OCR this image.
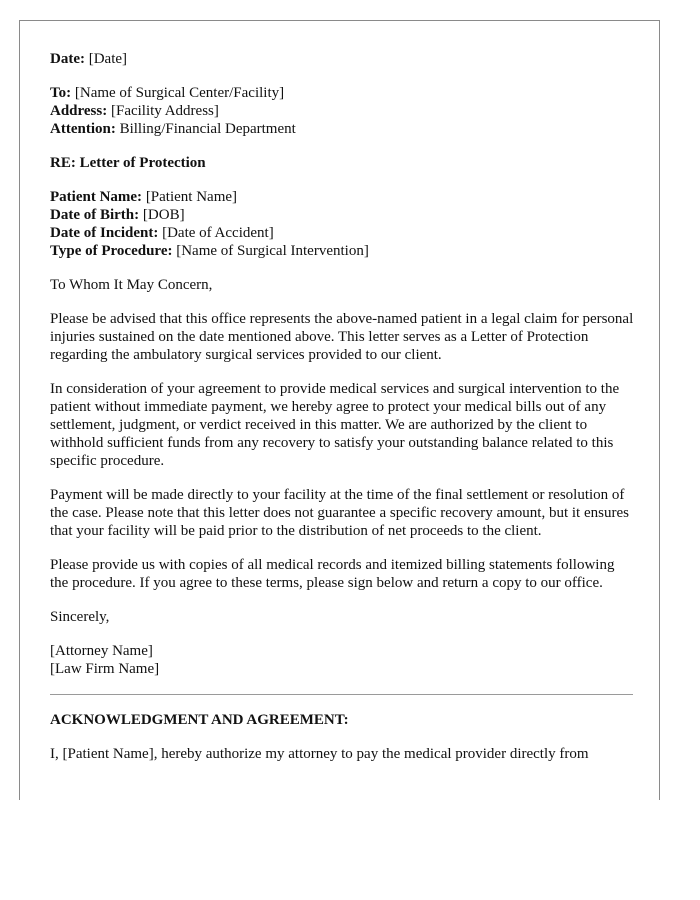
Date: [Date]
To: [Name of Surgical Center/Facility]
Address: [Facility Address]
Attention: Billing/Financial Department
RE: Letter of Protection
Patient Name: [Patient Name]
Date of Birth: [DOB]
Date of Incident: [Date of Accident]
Type of Procedure: [Name of Surgical Intervention]

To Whom It May Concern,

Please be advised that this office represents the above-named patient in a legal claim for personal injuries sustained on the date mentioned above. This letter serves as a Letter of Protection regarding the ambulatory surgical services provided to our client.

In consideration of your agreement to provide medical services and surgical intervention to the patient without immediate payment, we hereby agree to protect your medical bills out of any settlement, judgment, or verdict received in this matter. We are authorized by the client to withhold sufficient funds from any recovery to satisfy your outstanding balance related to this specific procedure.

Payment will be made directly to your facility at the time of the final settlement or resolution of the case. Please note that this letter does not guarantee a specific recovery amount, but it ensures that your facility will be paid prior to the distribution of net proceeds to the client.

Please provide us with copies of all medical records and itemized billing statements following the procedure. If you agree to these terms, please sign below and return a copy to our office.

Sincerely,

[Attorney Name]
[Law Firm Name]
ACKNOWLEDGMENT AND AGREEMENT:
I, [Patient Name], hereby authorize my attorney to pay the medical provider directly from
